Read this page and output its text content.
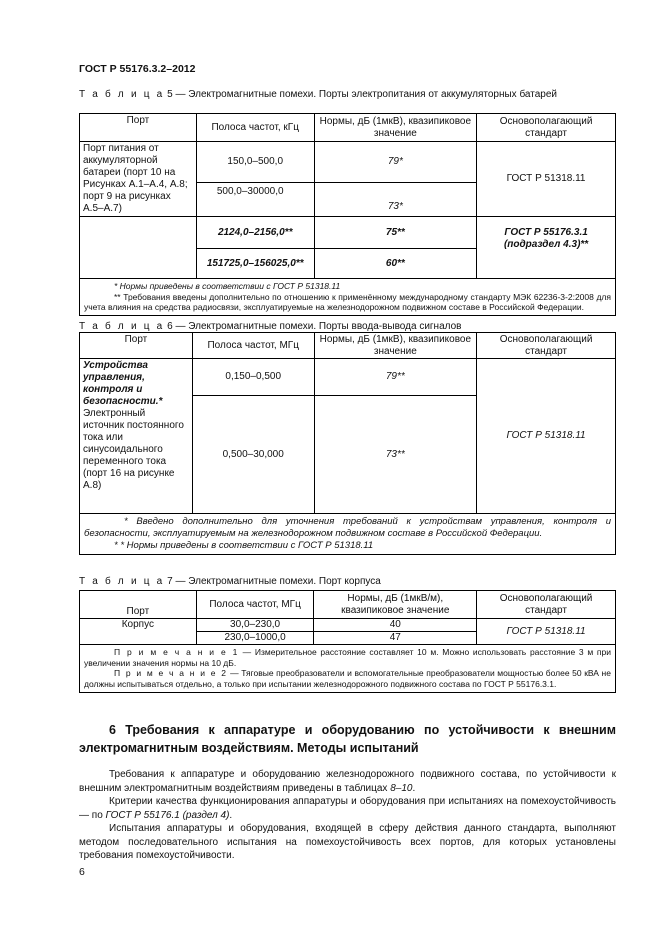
ГОСТ Р 55176.3.2–2012
Т а б л и ц а 5 — Электромагнитные помехи. Порты электропитания от аккумуляторных батарей
Порт	Полоса частот, кГц	Нормы, дБ (1мкВ), квазипиковое значение	Основополагающий стандарт
Порт питания от аккумуляторной батареи (порт 10 на Рисунках А.1–А.4, А.8; порт 9 на рисунках А.5–А.7)	150,0–500,0	79*	ГОСТ Р 51318.11

	500,0–30000,0	73*	
	2124,0–2156,0**	75**	ГОСТ Р 55176.3.1 (подраздел 4.3)**
	151725,0–156025,0**	60**	

* Нормы приведены в соответствии с ГОСТ Р 51318.11

** Требования введены дополнительно по отношению к применённому международному стандарту МЭК 62236-3-2:2008 для учета влияния на средства радиосвязи, эксплуатируемые на железнодорожном подвижном составе в Российской Федерации.			

Т а б л и ц а 6 — Электромагнитные помехи. Порты ввода-вывода сигналов
Порт	Полоса частот, МГц	Нормы, дБ (1мкВ), квазипиковое значение	Основополагающий стандарт
Устройства управления, контроля и безопасности.* Электронный источник постоянного тока или синусоидального переменного тока (порт 16 на рисунке А.8)	0,150–0,500	79**	ГОСТ Р 51318.11
	0,500–30,000	73**	

* Введено дополнительно для уточнения требований к устройствам управления, контроля и безопасности, эксплуатируемым на железнодорожном подвижном составе в Российской Федерации.

* * Нормы приведены в соответствии с ГОСТ Р 51318.11			

Т а б л и ц а 7 — Электромагнитные помехи. Порт корпуса
Порт	Полоса частот, МГц	Нормы, дБ (1мкВ/м), квазипиковое значение	Основополагающий стандарт
Корпус	30,0–230,0	40	ГОСТ Р 51318.11
	230,0–1000,0	47	

П р и м е ч а н и е 1 — Измерительное расстояние составляет 10 м. Можно использовать расстояние 3 м при увеличении значения нормы на 10 дБ.

П р и м е ч а н и е 2 — Тяговые преобразователи и вспомогательные преобразователи мощностью более 50 кВА не должны испытываться отдельно, а только при испытании железнодорожного подвижного состава по ГОСТ Р 55176.3.1.			

6 Требования к аппаратуре и оборудованию по устойчивости к внешним электромагнитным воздействиям. Методы испытаний

Требования к аппаратуре и оборудованию железнодорожного подвижного состава, по устойчивости к внешним электромагнитным воздействиям приведены в таблицах 8–10.

Критерии качества функционирования аппаратуры и оборудования при испытаниях на помехоустойчивость — по ГОСТ Р 55176.1 (раздел 4).

Испытания аппаратуры и оборудования, входящей в сферу действия данного стандарта, выполняют методом последовательного испытания на помехоустойчивость всех портов, для которых установлены требования помехоустойчивости.

6
